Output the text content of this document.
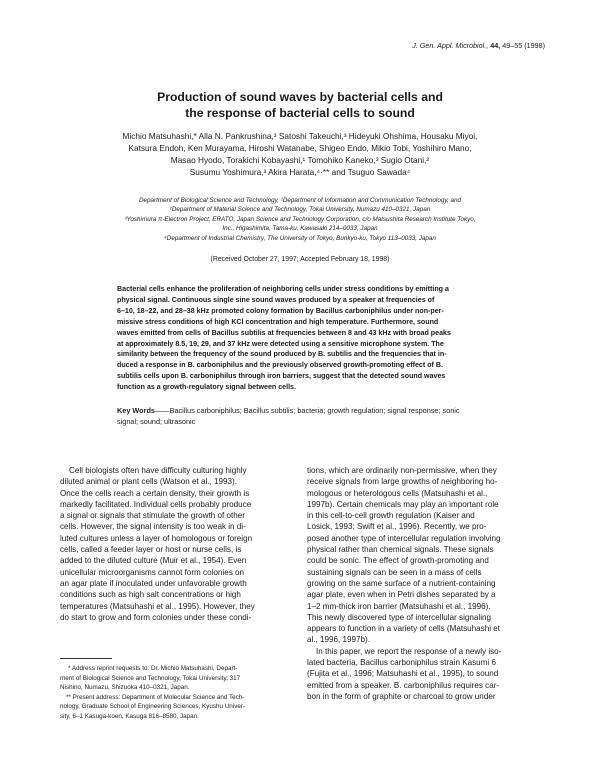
J. Gen. Appl. Microbiol., 44, 49–55 (1998)
Production of sound waves by bacterial cells and
the response of bacterial cells to sound
Michio Matsuhashi,* Alla N. Pankrushina,³ Satoshi Takeuchi,³ Hideyuki Ohshima, Housaku Miyoi,
Katsura Endoh, Ken Murayama, Hiroshi Watanabe, Shigeo Endo, Mikio Tobi, Yoshihiro Mano,
Masao Hyodo, Torakichi Kobayashi,¹ Tomohiko Kaneko,³ Sugio Otani,²
Susumu Yoshimura,³ Akira Harata,⁴·** and Tsuguo Sawada⁴
Department of Biological Science and Technology, ¹Department of Information and Communication Technology, and
²Department of Material Science and Technology, Tokai University, Numazu 410–0321, Japan
³Yoshimura π-Electron Project, ERATO, Japan Science and Technology Corporation, c/o Matsushita Research Institute Tokyo,
Inc., Higashimita, Tama-ku, Kawasaki 214–0033, Japan
⁴Department of Industrial Chemistry, The University of Tokyo, Bunkyo-ku, Tokyo 113–0033, Japan
(Received October 27, 1997; Accepted February 18, 1998)
Bacterial cells enhance the proliferation of neighboring cells under stress conditions by emitting a
physical signal. Continuous single sine sound waves produced by a speaker at frequencies of
6–10, 18–22, and 28–38 kHz promoted colony formation by Bacillus carboniphilus under non-per-
missive stress conditions of high KCl concentration and high temperature. Furthermore, sound
waves emitted from cells of Bacillus subtilis at frequencies between 8 and 43 kHz with broad peaks
at approximately 8.5, 19, 29, and 37 kHz were detected using a sensitive microphone system. The
similarity between the frequency of the sound produced by B. subtilis and the frequencies that in-
duced a response in B. carboniphilus and the previously observed growth-promoting effect of B.
subtilis cells upon B. carboniphilus through iron barriers, suggest that the detected sound waves
function as a growth-regulatory signal between cells.
Key Words——Bacillus carboniphilus; Bacillus subtilis; bacteria; growth regulation; signal response; sonic
signal; sound; ultrasonic
Cell biologists often have difficulty culturing highly
diluted animal or plant cells (Watson et al., 1993).
Once the cells reach a certain density, their growth is
markedly facilitated. Individual cells probably produce
a signal or signals that stimulate the growth of other
cells. However, the signal intensity is too weak in di-
luted cultures unless a layer of homologous or foreign
cells, called a feeder layer or host or nurse cells, is
added to the diluted culture (Muir et al., 1954). Even
unicellular microorganisms cannot form colonies on
an agar plate if inoculated under unfavorable growth
conditions such as high salt concentrations or high
temperatures (Matsuhashi et al., 1995). However, they
do start to grow and form colonies under these condi-
tions, which are ordinarily non-permissive, when they
receive signals from large growths of neighboring ho-
mologous or heterologous cells (Matsuhashi et al.,
1997b). Certain chemicals may play an important role
in this cell-to-cell growth regulation (Kaiser and
Losick, 1993; Swift et al., 1996). Recently, we pro-
posed another type of intercellular regulation involving
physical rather than chemical signals. These signals
could be sonic. The effect of growth-promoting and
sustaining signals can be seen in a mass of cells
growing on the same surface of a nutrient-containing
agar plate, even when in Petri dishes separated by a
1–2 mm-thick iron barrier (Matsuhashi et al., 1996).
This newly discovered type of intercellular signaling
appears to function in a variety of cells (Matsuhashi et
al., 1996, 1997b).
In this paper, we report the response of a newly iso-
lated bacteria, Bacillus carboniphilus strain Kasumi 6
(Fujita et al., 1996; Matsuhashi et al., 1995), to sound
emitted from a speaker. B. carboniphilus requires car-
bon in the form of graphite or charcoal to grow under
* Address reprint requests to: Dr. Michio Matsuhashi, Depart-
ment of Biological Science and Technology, Tokai University, 317
Nishino, Numazu, Shizuoka 410–0321, Japan.
** Present address: Department of Molecular Science and Tech-
nology, Graduate School of Engineering Sciences, Kyushu Univer-
sity, 6–1 Kasuga-koen, Kasuga 816–8580, Japan.
